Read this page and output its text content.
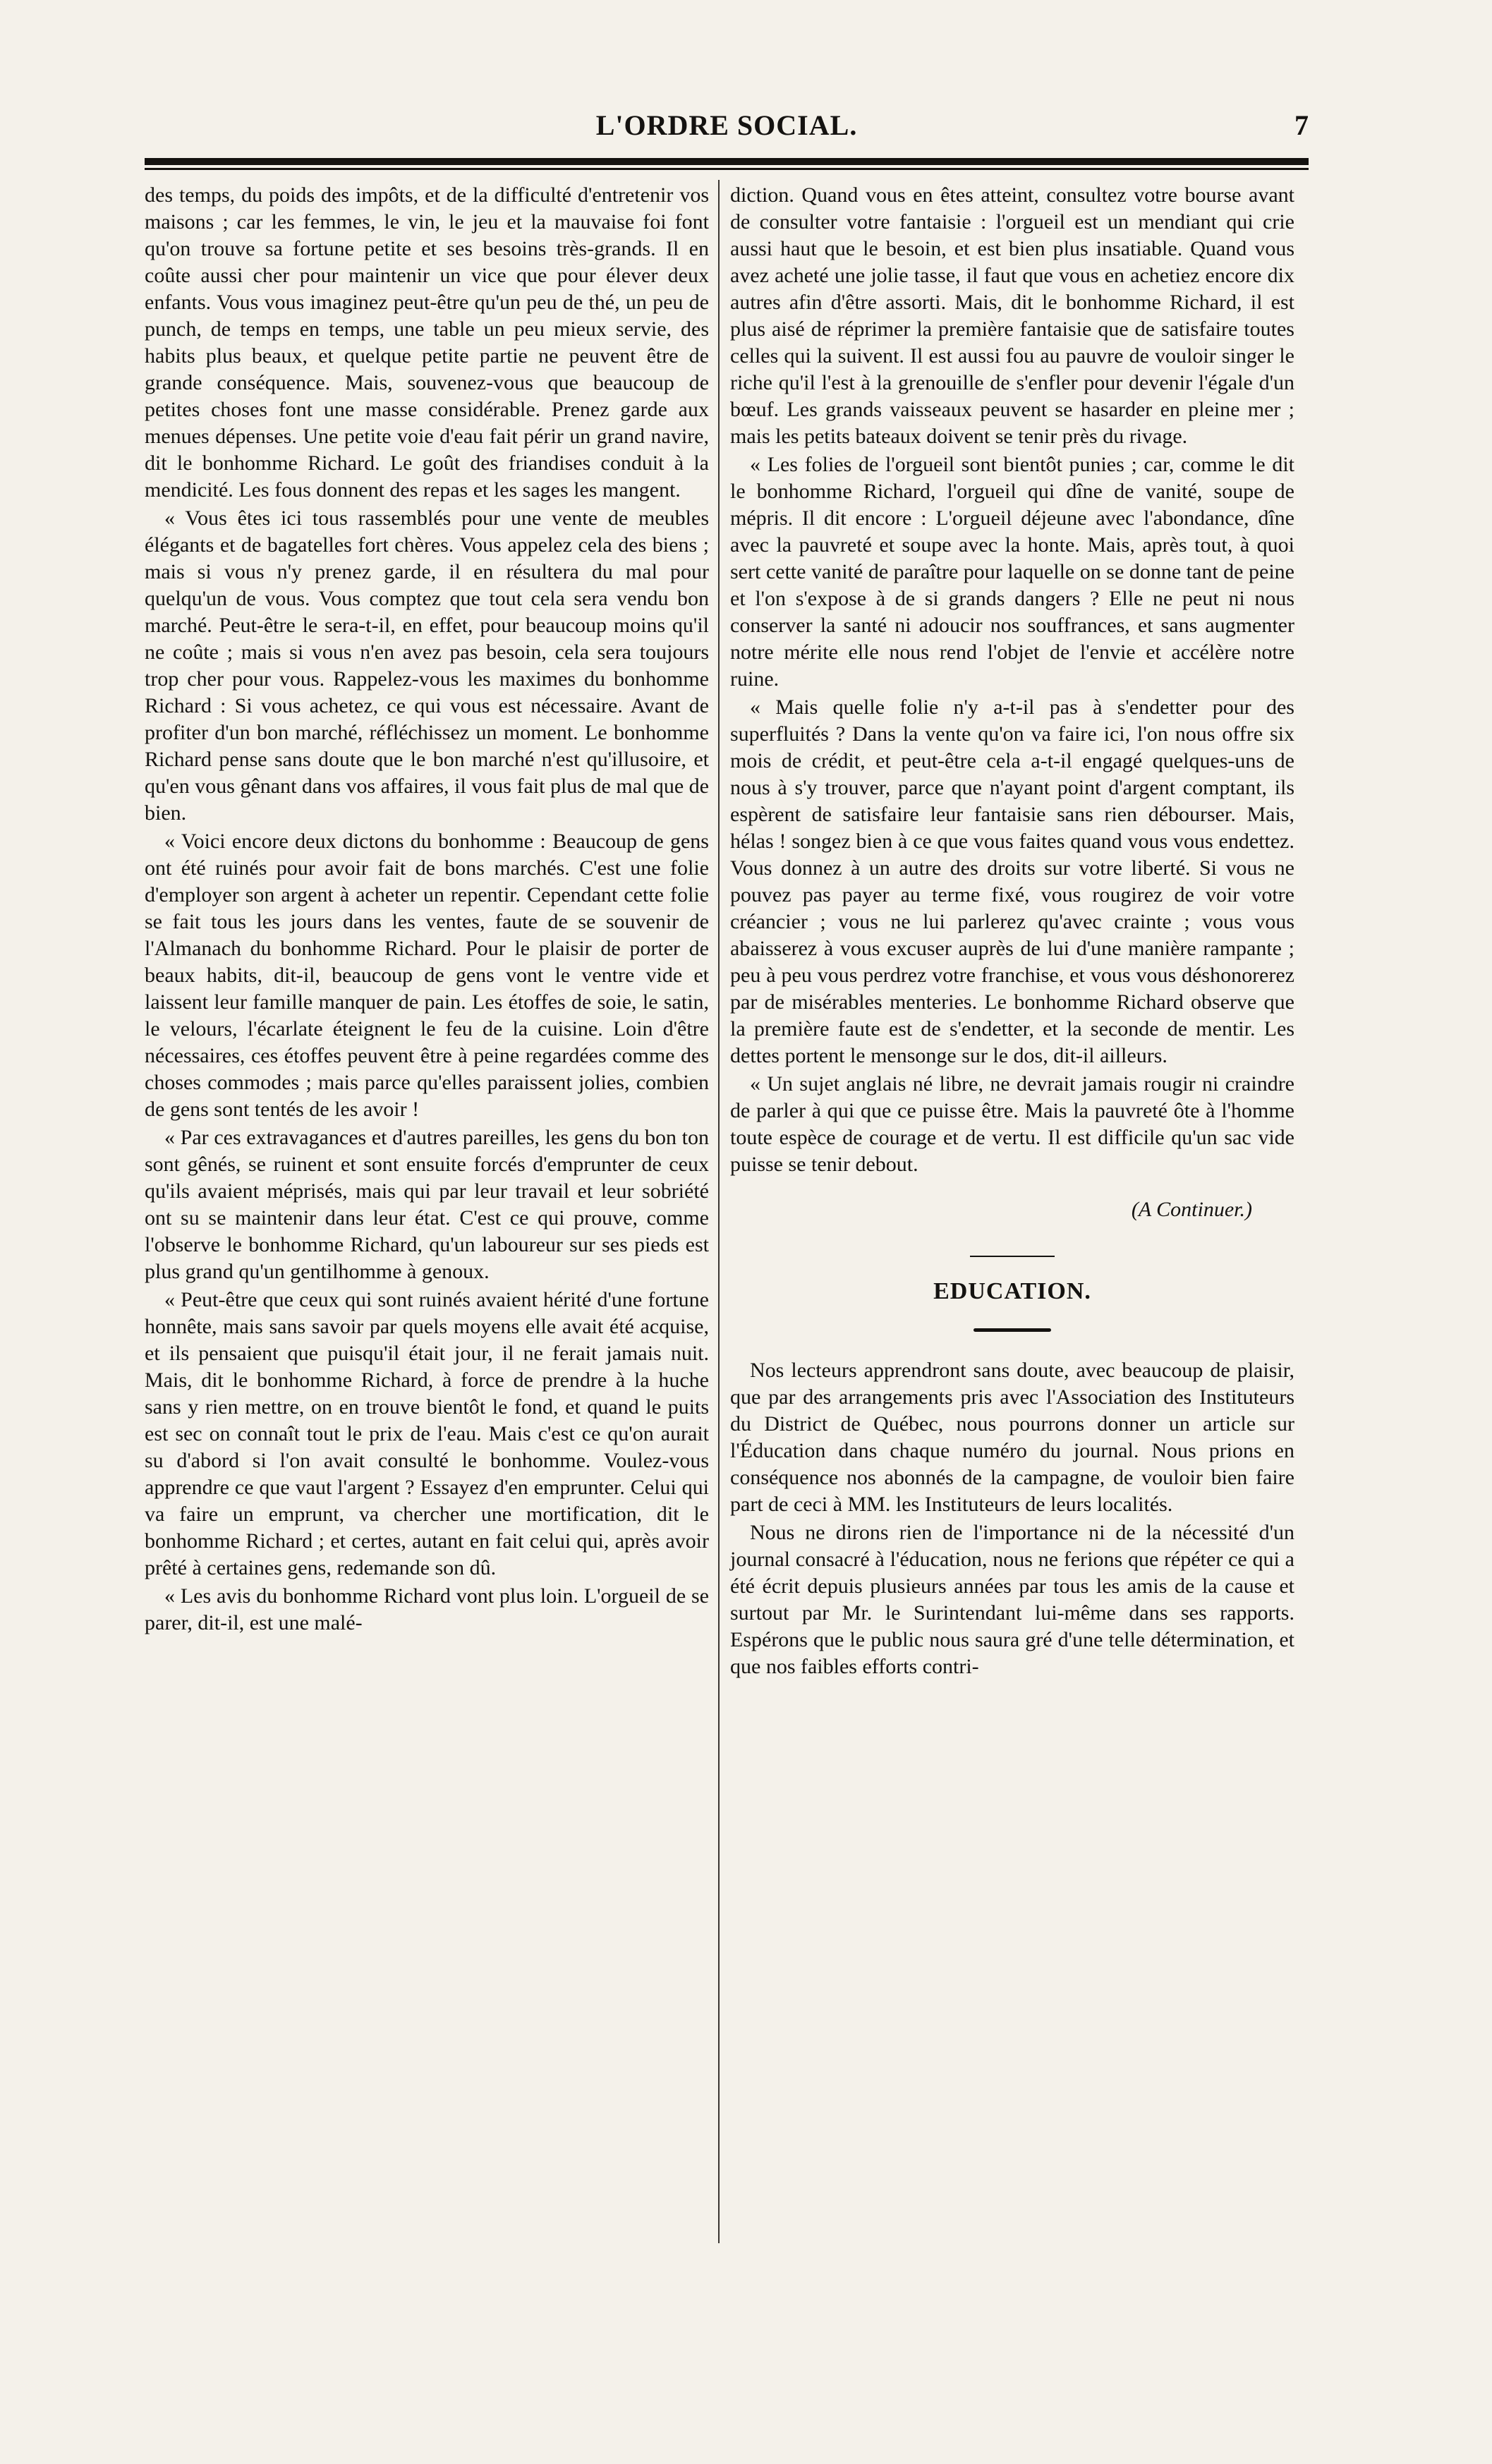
L'ORDRE SOCIAL.	7

des temps, du poids des impôts, et de la difficulté d'entretenir vos maisons ; car les femmes, le vin, le jeu et la mauvaise foi font qu'on trouve sa fortune petite et ses besoins très-grands. Il en coûte aussi cher pour maintenir un vice que pour élever deux enfants. Vous vous imaginez peut-être qu'un peu de thé, un peu de punch, de temps en temps, une table un peu mieux servie, des habits plus beaux, et quelque petite partie ne peuvent être de grande conséquence. Mais, souvenez-vous que beaucoup de petites choses font une masse considérable. Prenez garde aux menues dépenses. Une petite voie d'eau fait périr un grand navire, dit le bonhomme Richard. Le goût des friandises conduit à la mendicité. Les fous donnent des repas et les sages les mangent.

« Vous êtes ici tous rassemblés pour une vente de meubles élégants et de bagatelles fort chères. Vous appelez cela des biens ; mais si vous n'y prenez garde, il en résultera du mal pour quelqu'un de vous. Vous comptez que tout cela sera vendu bon marché. Peut-être le sera-t-il, en effet, pour beaucoup moins qu'il ne coûte ; mais si vous n'en avez pas besoin, cela sera toujours trop cher pour vous. Rappelez-vous les maximes du bonhomme Richard : Si vous achetez, ce qui vous est nécessaire. Avant de profiter d'un bon marché, réfléchissez un moment. Le bonhomme Richard pense sans doute que le bon marché n'est qu'illusoire, et qu'en vous gênant dans vos affaires, il vous fait plus de mal que de bien.

« Voici encore deux dictons du bonhomme : Beaucoup de gens ont été ruinés pour avoir fait de bons marchés. C'est une folie d'employer son argent à acheter un repentir. Cependant cette folie se fait tous les jours dans les ventes, faute de se souvenir de l'Almanach du bonhomme Richard. Pour le plaisir de porter de beaux habits, dit-il, beaucoup de gens vont le ventre vide et laissent leur famille manquer de pain. Les étoffes de soie, le satin, le velours, l'écarlate éteignent le feu de la cuisine. Loin d'être nécessaires, ces étoffes peuvent être à peine regardées comme des choses commodes ; mais parce qu'elles paraissent jolies, combien de gens sont tentés de les avoir !

« Par ces extravagances et d'autres pareilles, les gens du bon ton sont gênés, se ruinent et sont ensuite forcés d'emprunter de ceux qu'ils avaient méprisés, mais qui par leur travail et leur sobriété ont su se maintenir dans leur état. C'est ce qui prouve, comme l'observe le bonhomme Richard, qu'un laboureur sur ses pieds est plus grand qu'un gentilhomme à genoux.

« Peut-être que ceux qui sont ruinés avaient hérité d'une fortune honnête, mais sans savoir par quels moyens elle avait été acquise, et ils pensaient que puisqu'il était jour, il ne ferait jamais nuit. Mais, dit le bonhomme Richard, à force de prendre à la huche sans y rien mettre, on en trouve bientôt le fond, et quand le puits est sec on connaît tout le prix de l'eau. Mais c'est ce qu'on aurait su d'abord si l'on avait consulté le bonhomme. Voulez-vous apprendre ce que vaut l'argent ? Essayez d'en emprunter. Celui qui va faire un emprunt, va chercher une mortification, dit le bonhomme Richard ; et certes, autant en fait celui qui, après avoir prêté à certaines gens, redemande son dû.

« Les avis du bonhomme Richard vont plus loin. L'orgueil de se parer, dit-il, est une malé-

diction. Quand vous en êtes atteint, consultez votre bourse avant de consulter votre fantaisie : l'orgueil est un mendiant qui crie aussi haut que le besoin, et est bien plus insatiable. Quand vous avez acheté une jolie tasse, il faut que vous en achetiez encore dix autres afin d'être assorti. Mais, dit le bonhomme Richard, il est plus aisé de réprimer la première fantaisie que de satisfaire toutes celles qui la suivent. Il est aussi fou au pauvre de vouloir singer le riche qu'il l'est à la grenouille de s'enfler pour devenir l'égale d'un bœuf. Les grands vaisseaux peuvent se hasarder en pleine mer ; mais les petits bateaux doivent se tenir près du rivage.

« Les folies de l'orgueil sont bientôt punies ; car, comme le dit le bonhomme Richard, l'orgueil qui dîne de vanité, soupe de mépris. Il dit encore : L'orgueil déjeune avec l'abondance, dîne avec la pauvreté et soupe avec la honte. Mais, après tout, à quoi sert cette vanité de paraître pour laquelle on se donne tant de peine et l'on s'expose à de si grands dangers ? Elle ne peut ni nous conserver la santé ni adoucir nos souffrances, et sans augmenter notre mérite elle nous rend l'objet de l'envie et accélère notre ruine.

« Mais quelle folie n'y a-t-il pas à s'endetter pour des superfluités ? Dans la vente qu'on va faire ici, l'on nous offre six mois de crédit, et peut-être cela a-t-il engagé quelques-uns de nous à s'y trouver, parce que n'ayant point d'argent comptant, ils espèrent de satisfaire leur fantaisie sans rien débourser. Mais, hélas ! songez bien à ce que vous faites quand vous vous endettez. Vous donnez à un autre des droits sur votre liberté. Si vous ne pouvez pas payer au terme fixé, vous rougirez de voir votre créancier ; vous ne lui parlerez qu'avec crainte ; vous vous abaisserez à vous excuser auprès de lui d'une manière rampante ; peu à peu vous perdrez votre franchise, et vous vous déshonorerez par de misérables menteries. Le bonhomme Richard observe que la première faute est de s'endetter, et la seconde de mentir. Les dettes portent le mensonge sur le dos, dit-il ailleurs.

« Un sujet anglais né libre, ne devrait jamais rougir ni craindre de parler à qui que ce puisse être. Mais la pauvreté ôte à l'homme toute espèce de courage et de vertu. Il est difficile qu'un sac vide puisse se tenir debout.

(A Continuer.)
EDUCATION.

Nos lecteurs apprendront sans doute, avec beaucoup de plaisir, que par des arrangements pris avec l'Association des Instituteurs du District de Québec, nous pourrons donner un article sur l'Éducation dans chaque numéro du journal. Nous prions en conséquence nos abonnés de la campagne, de vouloir bien faire part de ceci à MM. les Instituteurs de leurs localités.

Nous ne dirons rien de l'importance ni de la nécessité d'un journal consacré à l'éducation, nous ne ferions que répéter ce qui a été écrit depuis plusieurs années par tous les amis de la cause et surtout par Mr. le Surintendant lui-même dans ses rapports. Espérons que le public nous saura gré d'une telle détermination, et que nos faibles efforts contri-
